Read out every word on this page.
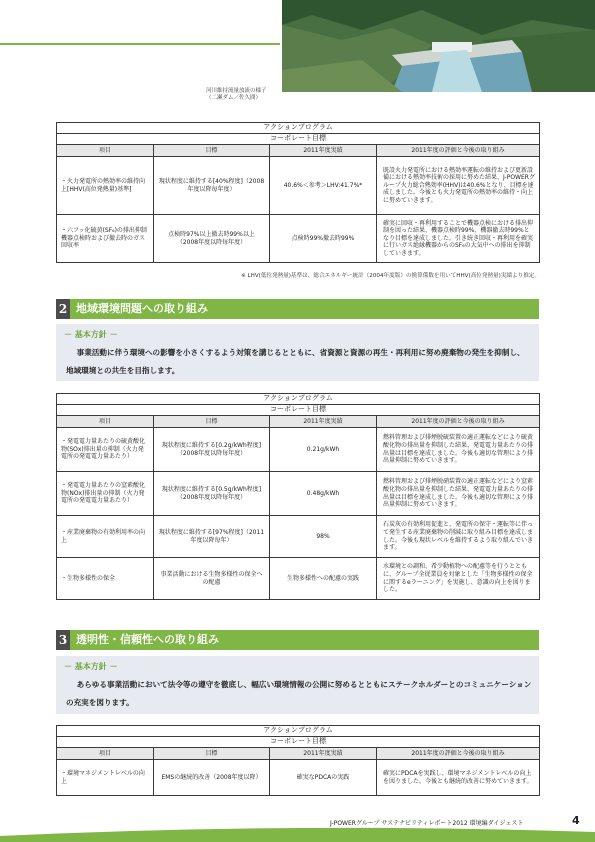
河川維持流量放流の様子
（二瀬ダム／佐久間）
アクションプログラム			
コーポレート目標			
項目	目標	2011年度実績	2011年度の評価と今後の取り組み
・火力発電所の熱効率の維持向上[HHV(高位発熱量)基準]	現状程度に維持する[40%程度]（2008年度以降毎年度）	40.6%＜参考＞LHV:41.7%*	既設火力発電所における熱効率運転の維持および更新設備における熱効率技術の採用に努めた結果、J-POWERグループ火力総合熱効率(HHV)は40.6%となり、目標を達成しました。今後とも火力発電所の熱効率の維持・向上に努めていきます。
・六フッ化硫黄(SF₆)の排出抑制機器点検時および撤去時のガス回収率	点検時97%以上撤去時99%以上（2008年度以降毎年度）	点検時99%撤去時99%	確実に回収・再利用することで機器点検における排出抑制を図った結果、機器点検時99%、機器撤去時99%となり目標を達成しました。引き続き回収・再利用を確実に行いガス絶縁機器からのSF₆の大気中への排出を抑制していきます。
※ LHV(低位発熱量)基準は、総合エネルギー統計（2004年度版）の換算係数を用いてHHV(高位発熱量)実績より推定。
2 地域環境問題への取り組み
－ 基本方針 －
事業活動に伴う環境への影響を小さくするよう対策を講じるとともに、省資源と資源の再生・再利用に努め廃棄物の発生を抑制し、地域環境との共生を目指します。
アクションプログラム			
コーポレート目標			
項目	目標	2011年度実績	2011年度の評価と今後の取り組み
・発電電力量あたりの硫黄酸化物(SOx)排出量の抑制（火力発電所の発電電力量あたり）	現状程度に維持する[0.2g/kWh程度]（2008年度以降毎年度）	0.21g/kWh	燃料管理および排煙脱硫装置の適正運転などにより硫黄酸化物の排出量を抑制した結果、発電電力量あたりの排出量は目標を達成しました。今後も適切な管理により排出量抑制に努めていきます。
・発電電力量あたりの窒素酸化物(NOx)排出量の抑制（火力発電所の発電電力量あたり）	現状程度に維持する[0.5g/kWh程度]（2008年度以降毎年度）	0.48g/kWh	燃料管理および排煙脱硝装置の適正運転などにより窒素酸化物の排出量を抑制した結果、発電電力量あたりの排出量は目標を達成しました。今後も適切な管理により排出量抑制に努めていきます。
・産業廃棄物の有効利用率の向上	現状程度に維持する[97%程度]（2011年度以降毎年）	98%	石炭灰の有効利用促進と、発電所の保守・運転等に伴って発生する産業廃棄物の削減に取り組み目標を達成しました。今後も現状レベルを維持するよう取り組んでいきます。
・生物多様性の保全	事業活動における生物多様性の保全への配慮	生物多様性への配慮の実践	水環境との調和、希少動植物への配慮等を行うとともに、グループ全従業員を対象とした「生物多様性の保全に関するeラーニング」を実施し、意識の向上を図りました。
3 透明性・信頼性への取り組み
－ 基本方針 －
あらゆる事業活動において法令等の遵守を徹底し、幅広い環境情報の公開に努めるとともにステークホルダーとのコミュニケーションの充実を図ります。
アクションプログラム			
コーポレート目標			
項目	目標	2011年度実績	2011年度の評価と今後の取り組み
・環境マネジメントレベルの向上	EMSの継続的改善（2008年度以降）	確実なPDCAの実践	確実にPDCAを実践し、環境マネジメントレベルの向上を図りました。今後とも継続的改善に努めていきます。
J-POWERグループ サステナビリティレポート2012 環境編ダイジェスト	4
